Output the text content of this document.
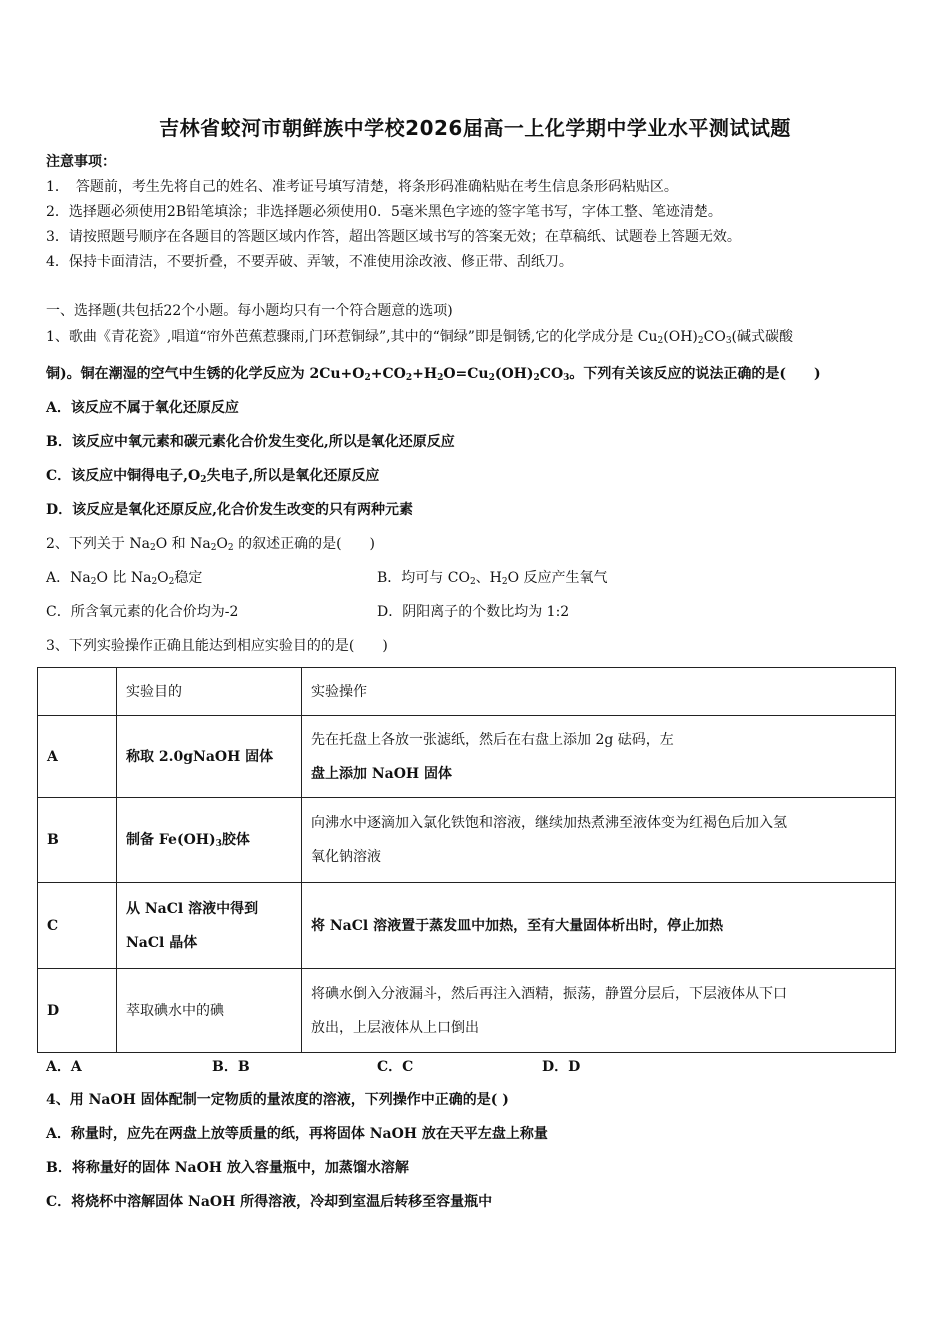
吉林省蛟河市朝鲜族中学校2026届高一上化学期中学业水平测试试题
注意事项：
1．　答题前，考生先将自己的姓名、准考证号填写清楚，将条形码准确粘贴在考生信息条形码粘贴区。
2．选择题必须使用2B铅笔填涂；非选择题必须使用0．5毫米黑色字迹的签字笔书写，字体工整、笔迹清楚。
3．请按照题号顺序在各题目的答题区域内作答，超出答题区域书写的答案无效；在草稿纸、试题卷上答题无效。
4．保持卡面清洁，不要折叠，不要弄破、弄皱，不准使用涂改液、修正带、刮纸刀。
一、选择题(共包括22个小题。每小题均只有一个符合题意的选项)
1、歌曲《青花瓷》,唱道“帘外芭蕉惹骤雨,门环惹铜绿”,其中的“铜绿”即是铜锈,它的化学成分是 $Cu_2(OH)_2CO_3$(碱式碳酸
铜)。铜在潮湿的空气中生锈的化学反应为 $2Cu+O_2+CO_2+H_2O=Cu_2(OH)_2CO_3$。下列有关该反应的说法正确的是(　　)
A．该反应不属于氧化还原反应
B．该反应中氧元素和碳元素化合价发生变化,所以是氧化还原反应
C．该反应中铜得电子$,O_2$失电子,所以是氧化还原反应
D．该反应是氧化还原反应,化合价发生改变的只有两种元素
2、下列关于 $Na_2O$ 和 $Na_2O_2$ 的叙述正确的是(　　)
A．$Na_2O$ 比 $Na_2O_2$稳定	B．均可与 $CO_2$、$H_2O$ 反应产生氧气
C．所含氧元素的化合价均为-2	D．阴阳离子的个数比均为 1:2
3、下列实验操作正确且能达到相应实验目的的是(　　)
	实验目的	实验操作
A	称取 2.0gNaOH 固体	先在托盘上各放一张滤纸，然后在右盘上添加 2g 砝码，左
盘上添加 NaOH 固体

B	制备 $Fe(OH)_3$胶体	向沸水中逐滴加入氯化铁饱和溶液，继续加热煮沸至液体变为红褐色后加入氢
氧化钠溶液

C	从 NaCl 溶液中得到
NaCl 晶体	将 NaCl 溶液置于蒸发皿中加热，至有大量固体析出时，停止加热
D	萃取碘水中的碘	将碘水倒入分液漏斗，然后再注入酒精，振荡，静置分层后，下层液体从下口
放出，上层液体从上口倒出
A．A	B．B	C．C	D．D
4、用 NaOH 固体配制一定物质的量浓度的溶液，下列操作中正确的是( )
A．称量时，应先在两盘上放等质量的纸，再将固体 NaOH 放在天平左盘上称量
B．将称量好的固体 NaOH 放入容量瓶中，加蒸馏水溶解
C．将烧杯中溶解固体 NaOH 所得溶液，冷却到室温后转移至容量瓶中
